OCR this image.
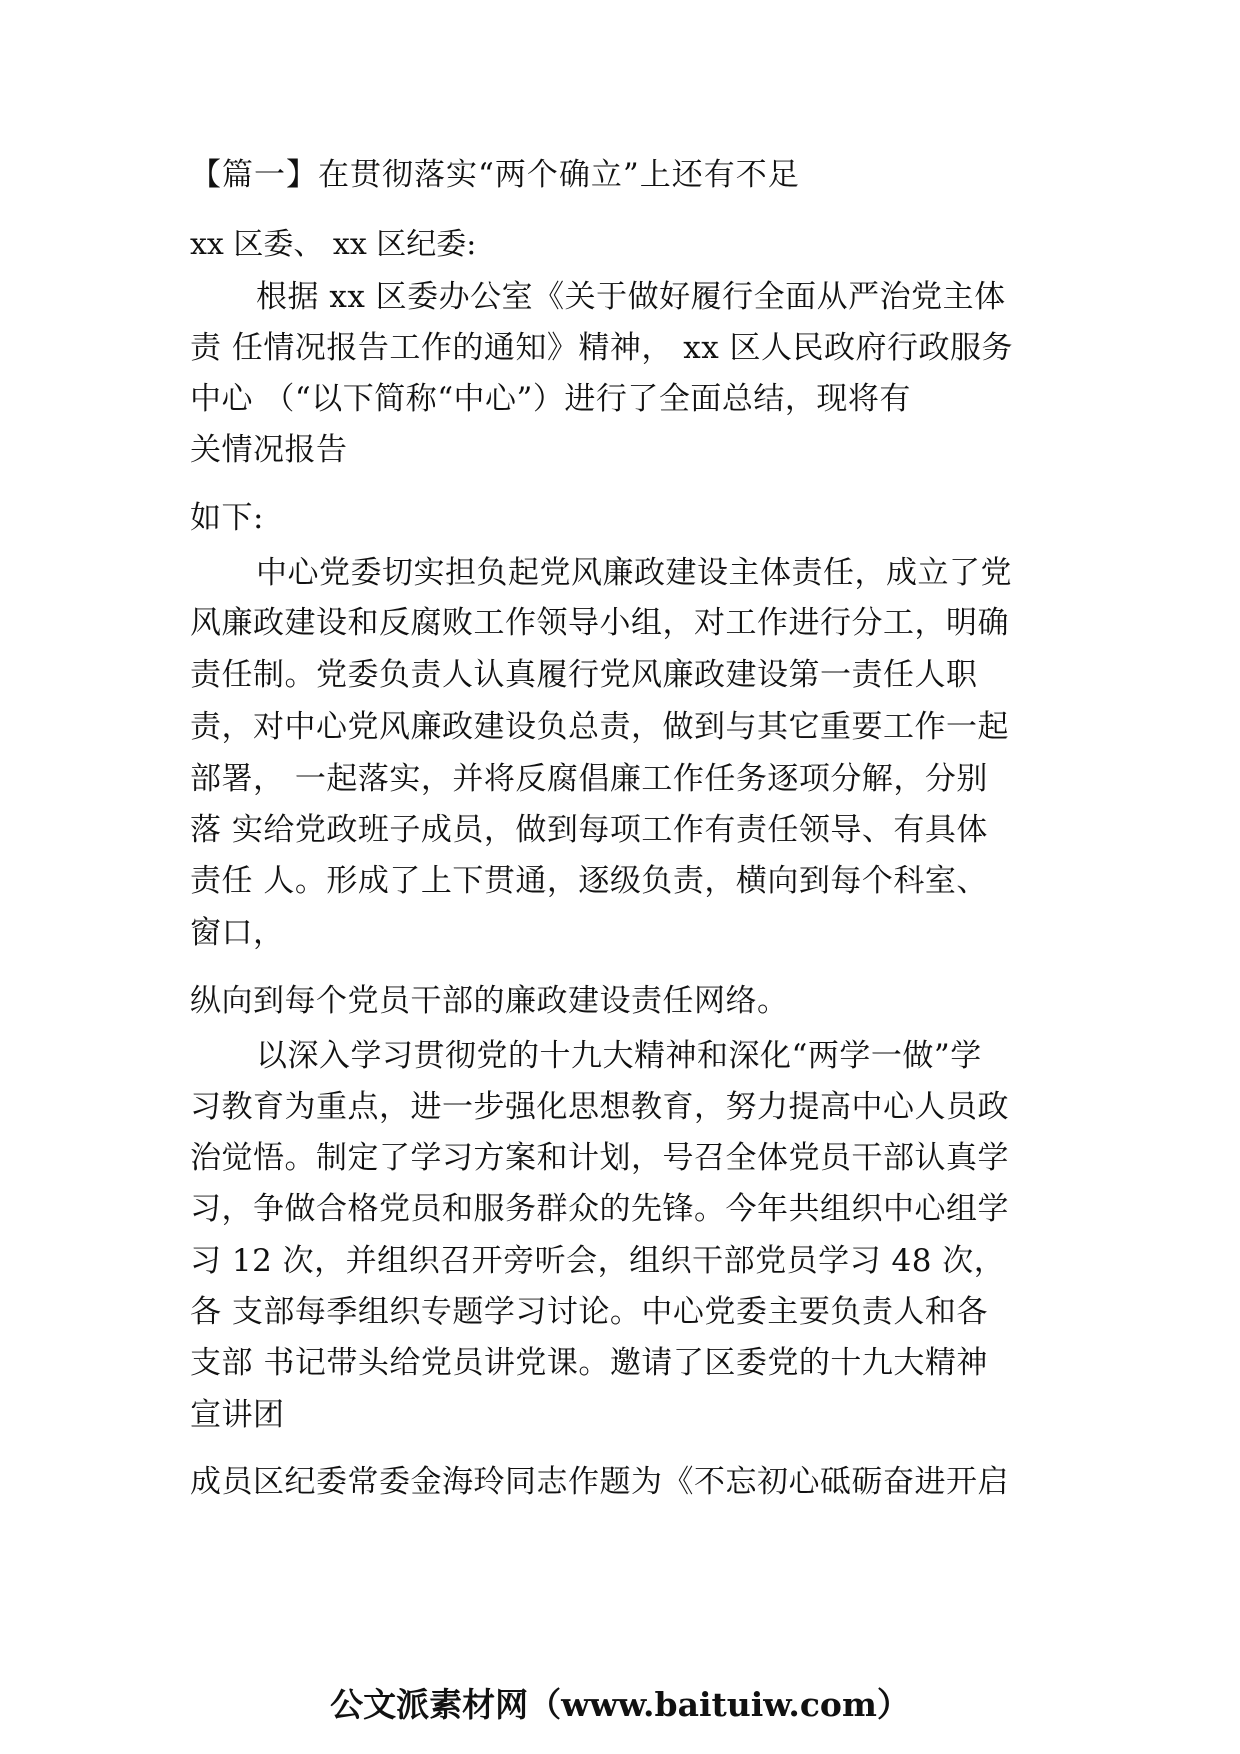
【篇一】在贯彻落实“两个确立”上还有不足
xx 区委、 xx 区纪委:
根据 xx 区委办公室《关于做好履行全面从严治党主体
责 任情况报告工作的通知》精神， xx 区人民政府行政服务
中心 （“以下简称“中心”）进行了全面总结，现将有
关情况报告
如下:
中心党委切实担负起党风廉政建设主体责任，成立了党
风廉政建设和反腐败工作领导小组，对工作进行分工，明确
责任制。党委负责人认真履行党风廉政建设第一责任人职
责，对中心党风廉政建设负总责，做到与其它重要工作一起
部署， 一起落实，并将反腐倡廉工作任务逐项分解，分别
落 实给党政班子成员，做到每项工作有责任领导、有具体
责任 人。形成了上下贯通，逐级负责，横向到每个科室、
窗口，
纵向到每个党员干部的廉政建设责任网络。
以深入学习贯彻党的十九大精神和深化“两学一做”学
习教育为重点，进一步强化思想教育，努力提高中心人员政
治觉悟。制定了学习方案和计划，号召全体党员干部认真学
习，争做合格党员和服务群众的先锋。今年共组织中心组学
习 12 次，并组织召开旁听会，组织干部党员学习 48 次，
各 支部每季组织专题学习讨论。中心党委主要负责人和各
支部 书记带头给党员讲党课。邀请了区委党的十九大精神
宣讲团
成员区纪委常委金海玲同志作题为《不忘初心砥砺奋进开启
公文派素材网（www.baituiw.com）
